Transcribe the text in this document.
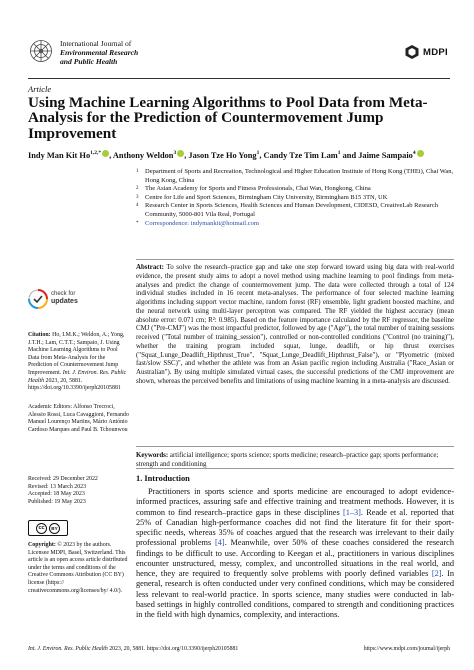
International Journal of
Environmental Research
and Public Health
MDPI
Article
Using Machine Learning Algorithms to Pool Data from Meta-Analysis for the Prediction of Countermovement Jump Improvement
Indy Man Kit $Ho^{1,2,*}$ , Anthony Weldon$^3$ , Jason Tze Ho Yong$^1$, Candy Tze Tim Lam$^1$ and Jaime Sampaio$^4$
1	Department of Sports and Recreation, Technological and Higher Education Institute of Hong Kong (THEi), Chai Wan, Hong Kong, China
2	The Asian Academy for Sports and Fitness Professionals, Chai Wan, Hongkong, China
3	Centre for Life and Sport Sciences, Birmingham City University, Birmingham B15 3TN, UK
4	Research Center in Sports Sciences, Health Sciences and Human Development, CIDESD, CreativeLab Research Community, 5000-801 Vila Real, Portugal
*	Correspondence: indymankit@hotmail.com
Abstract: To solve the research–practice gap and take one step forward toward using big data with real-world evidence, the present study aims to adopt a novel method using machine learning to pool findings from meta-analyses and predict the change of countermovement jump. The data were collected through a total of 124 individual studies included in 16 recent meta-analyses. The performance of four selected machine learning algorithms including support vector machine, random forest (RF) ensemble, light gradient boosted machine, and the neural network using multi-layer perceptron was compared. The RF yielded the highest accuracy (mean absolute error: 0.071 cm; R²: 0.985). Based on the feature importance calculated by the RF regressor, the baseline CMJ ("Pre-CMJ") was the most impactful predictor, followed by age ("Age"), the total number of training sessions received ("Total number of training_session"), controlled or non-controlled conditions ("Control (no training)"), whether the training program included squat, lunge, deadlift, or hip thrust exercises ("Squat_Lunge_Deadlift_Hipthrust_True", "Squat_Lunge_Deadlift_Hipthrust_False"), or "Plyometric (mixed fast/slow SSC)", and whether the athlete was from an Asian pacific region including Australia ("Race_Asian or Australian"). By using multiple simulated virtual cases, the successful predictions of the CMJ improvement are shown, whereas the perceived benefits and limitations of using machine learning in a meta-analysis are discussed.
Keywords: artificial intelligence; sports science; sports medicine; research–practice gap; sports performance; strength and conditioning
check for
updates
Citation: Ho, I.M.K.; Weldon, A.; Yong, J.T.H.; Lam, C.T.T.; Sampaio, J. Using Machine Learning Algorithms to Pool Data from Meta-Analysis for the Prediction of Countermovement Jump Improvement. Int. J. Environ. Res. Public Health 2023, 20, 5881. https://doi.org/10.3390/ijerph20105881
Academic Editors: Alfonso Trecroci, Alessio Rossi, Luca Cavaggioni, Fernando Manuel Lourenço Martins, Mário António Cardoso Marques and Paul B. Tchounwou
Received: 29 December 2022
Revised: 13 March 2023
Accepted: 18 May 2023
Published: 19 May 2023
cc	BY
Copyright: © 2023 by the authors. Licensee MDPI, Basel, Switzerland. This article is an open access article distributed under the terms and conditions of the Creative Commons Attribution (CC BY) license (https:// creativecommons.org/licenses/by/ 4.0/).
1. Introduction
Practitioners in sports science and sports medicine are encouraged to adopt evidence-informed practices, assuring safe and effective training and treatment methods. However, it is common to find research–practice gaps in these disciplines [1–3]. Reade et al. reported that 25% of Canadian high-performance coaches did not find the literature fit for their sport-specific needs, whereas 35% of coaches argued that the research was irrelevant to their daily professional problems [4]. Meanwhile, over 50% of these coaches considered the research findings to be difficult to use. According to Keegan et al., practitioners in various disciplines encounter unstructured, messy, complex, and uncontrolled situations in the real world, and hence, they are required to frequently solve problems with poorly defined variables [2]. In general, research is often conducted under very confined conditions, which may be considered less relevant to real-world practice. In sports science, many studies were conducted in lab-based settings in highly controlled conditions, compared to strength and conditioning practices in the field with high dynamics, complexity, and interactions.
Int. J. Environ. Res. Public Health 2023, 20, 5881. https://doi.org/10.3390/ijerph20105881	https://www.mdpi.com/journal/ijerph
